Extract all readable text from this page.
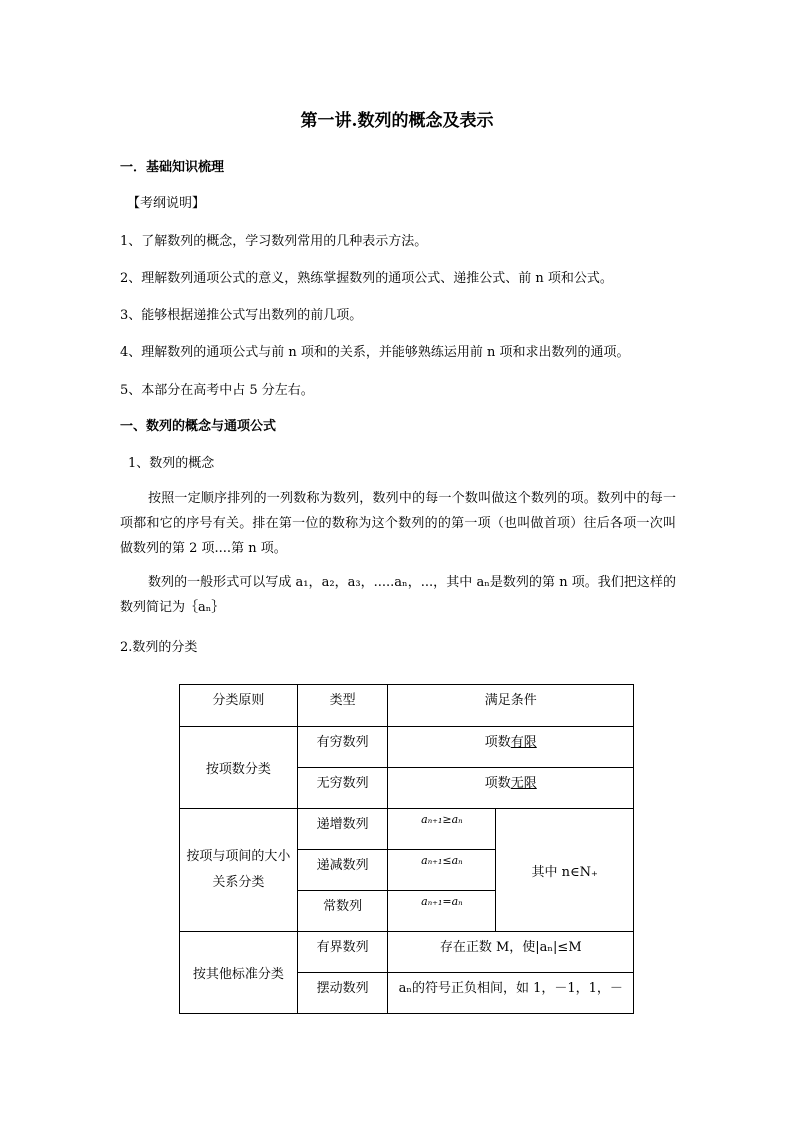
第一讲.数列的概念及表示
一．基础知识梳理
【考纲说明】
1、了解数列的概念，学习数列常用的几种表示方法。
2、理解数列通项公式的意义，熟练掌握数列的通项公式、递推公式、前 n 项和公式。
3、能够根据递推公式写出数列的前几项。
4、理解数列的通项公式与前 n 项和的关系，并能够熟练运用前 n 项和求出数列的通项。
5、本部分在高考中占 5 分左右。
一、数列的概念与通项公式
1、数列的概念
按照一定顺序排列的一列数称为数列，数列中的每一个数叫做这个数列的项。数列中的每一项都和它的序号有关。排在第一位的数称为这个数列的的第一项（也叫做首项）往后各项一次叫做数列的第 2 项....第 n 项。
数列的一般形式可以写成 a₁，a₂，a₃，.....aₙ，...，其中 aₙ是数列的第 n 项。我们把这样的数列简记为｛aₙ｝
2.数列的分类
分类原则	类型	满足条件	

按项数分类	有穷数列	项数有限	

	无穷数列	项数无限	

按项与项间的大小关系分类	递增数列	aₙ₊₁≥aₙ	其中 n∈N₊

	递减数列	aₙ₊₁≤aₙ	

	常数列	aₙ₊₁=aₙ	

按其他标准分类	有界数列	存在正数 M，使|aₙ|≤M	

	摆动数列	aₙ的符号正负相间，如 1，－1，1，－	
